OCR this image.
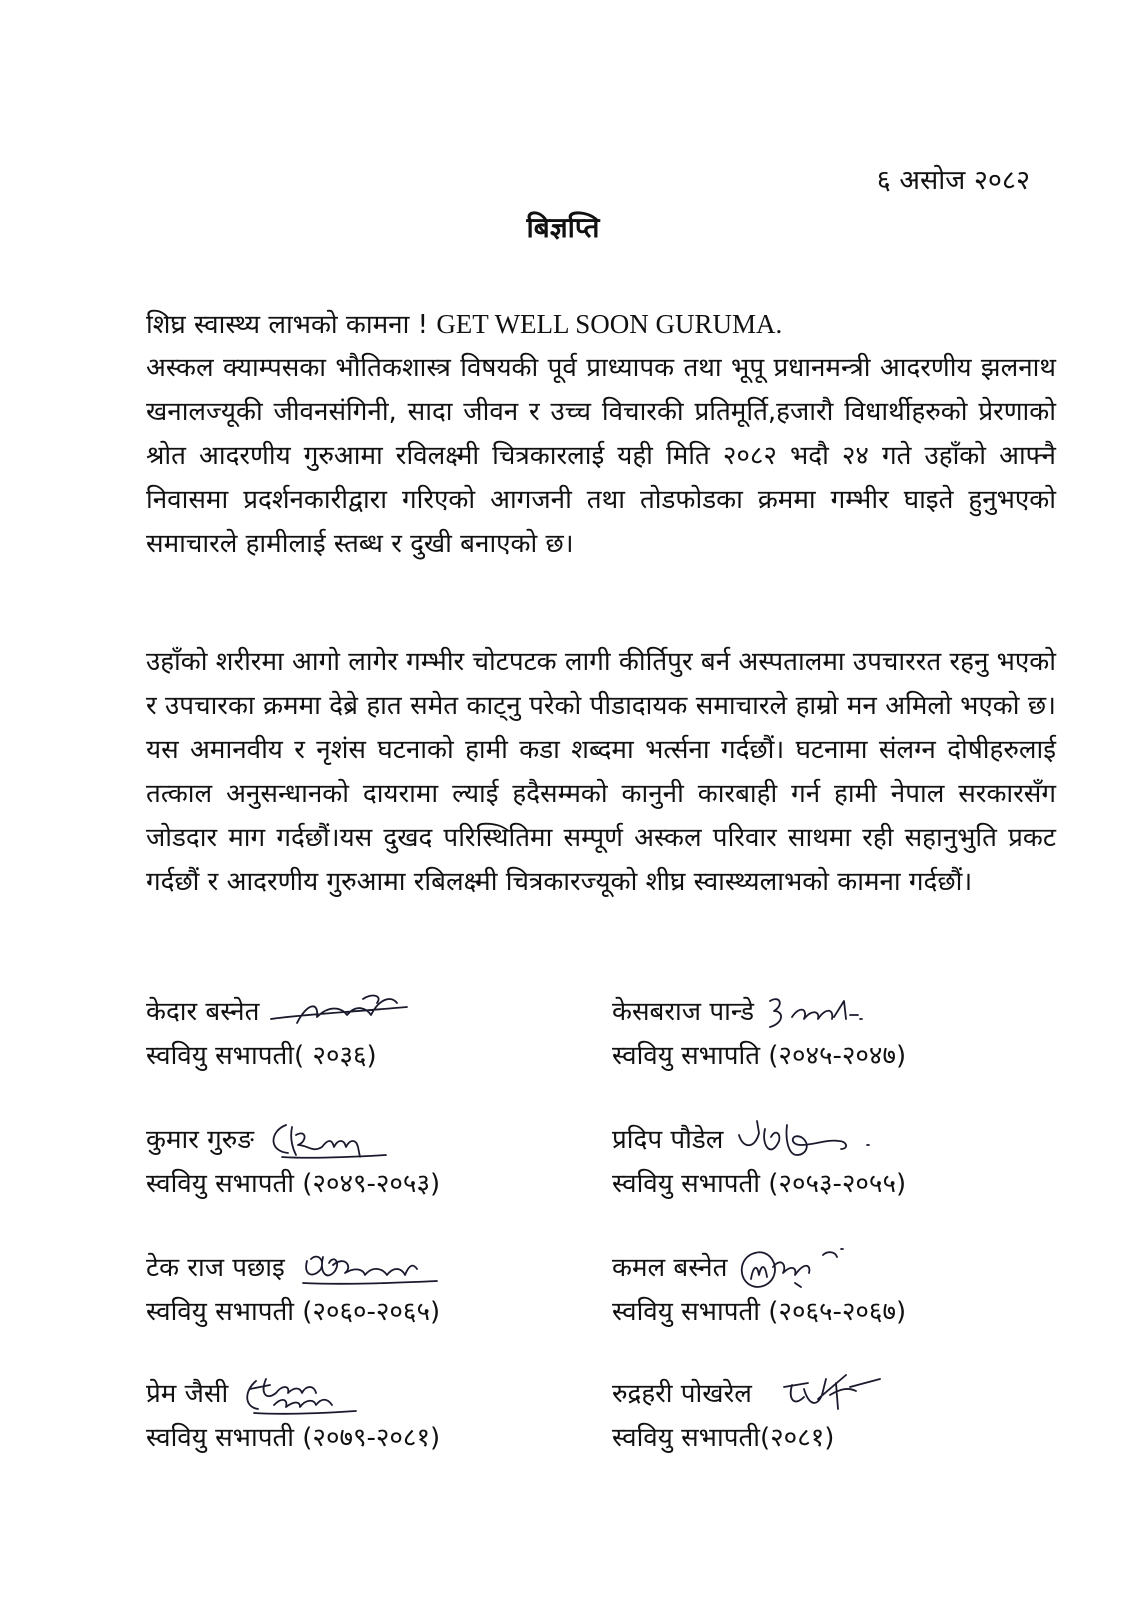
६ असोज २०८२
बिज्ञप्ति
शिघ्र स्वास्थ्य लाभको कामना ! GET WELL SOON GURUMA.
अस्कल क्याम्पसका भौतिकशास्त्र विषयकी पूर्व प्राध्यापक तथा भूपू प्रधानमन्त्री आदरणीय झलनाथ खनालज्यूकी जीवनसंगिनी, सादा जीवन र उच्च विचारकी प्रतिमूर्ति,हजारौ विधार्थीहरुको प्रेरणाको श्रोत आदरणीय गुरुआमा रविलक्ष्मी चित्रकारलाई यही मिति २०८२ भदौ २४ गते उहाँको आफ्नै निवासमा प्रदर्शनकारीद्वारा गरिएको आगजनी तथा तोडफोडका क्रममा गम्भीर घाइते हुनुभएको समाचारले हामीलाई स्तब्ध र दुखी बनाएको छ।
उहाँको शरीरमा आगो लागेर गम्भीर चोटपटक लागी कीर्तिपुर बर्न अस्पतालमा उपचाररत रहनु भएको र उपचारका क्रममा देब्रे हात समेत काट्नु परेको पीडादायक समाचारले हाम्रो मन अमिलो भएको छ।यस अमानवीय र नृशंस घटनाको हामी कडा शब्दमा भर्त्सना गर्दछौं। घटनामा संलग्न दोषीहरुलाई तत्काल अनुसन्धानको दायरामा ल्याई हदैसम्मको कानुनी कारबाही गर्न हामी नेपाल सरकारसँग जोडदार माग गर्दछौं।यस दुखद परिस्थितिमा सम्पूर्ण अस्कल परिवार साथमा रही सहानुभुति प्रकट गर्दछौं र आदरणीय गुरुआमा रबिलक्ष्मी चित्रकारज्यूको शीघ्र स्वास्थ्यलाभको कामना गर्दछौं।
केदार बस्नेत
स्ववियु सभापती( २०३६)
केसबराज पान्डे
स्ववियु सभापति (२०४५-२०४७)
कुमार गुरुङ
स्ववियु सभापती (२०४९-२०५३)
प्रदिप पौडेल
स्ववियु सभापती (२०५३-२०५५)
टेक राज पछाइ
स्ववियु सभापती (२०६०-२०६५)
कमल बस्नेत
स्ववियु सभापती (२०६५-२०६७)
प्रेम जैसी
स्ववियु सभापती (२०७९-२०८१)
रुद्रहरी पोखरेल
स्ववियु सभापती(२०८१)
